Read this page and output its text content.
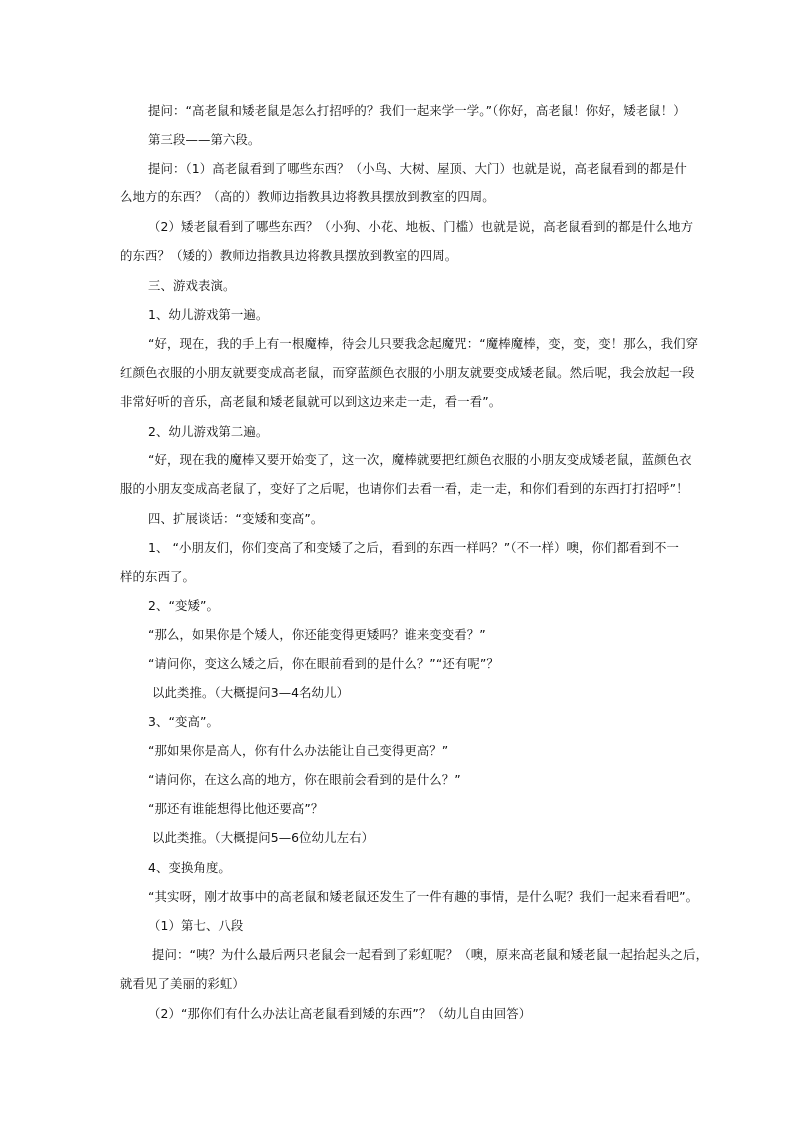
提问：“高老鼠和矮老鼠是怎么打招呼的？我们一起来学一学。”（你好，高老鼠！你好，矮老鼠！）
第三段——第六段。
提问：（1）高老鼠看到了哪些东西？（小鸟、大树、屋顶、大门）也就是说，高老鼠看到的都是什
么地方的东西？（高的）教师边指教具边将教具摆放到教室的四周。
（2）矮老鼠看到了哪些东西？（小狗、小花、地板、门槛）也就是说，高老鼠看到的都是什么地方
的东西？（矮的）教师边指教具边将教具摆放到教室的四周。
三、游戏表演。
1、幼儿游戏第一遍。
“好，现在，我的手上有一根魔棒，待会儿只要我念起魔咒：“魔棒魔棒，变，变，变！那么，我们穿
红颜色衣服的小朋友就要变成高老鼠，而穿蓝颜色衣服的小朋友就要变成矮老鼠。然后呢，我会放起一段
非常好听的音乐，高老鼠和矮老鼠就可以到这边来走一走，看一看”。
2、幼儿游戏第二遍。
“好，现在我的魔棒又要开始变了，这一次，魔棒就要把红颜色衣服的小朋友变成矮老鼠，蓝颜色衣
服的小朋友变成高老鼠了，变好了之后呢，也请你们去看一看，走一走，和你们看到的东西打打招呼”！
四、扩展谈话：“变矮和变高”。
1、 “小朋友们，你们变高了和变矮了之后，看到的东西一样吗？”（不一样）噢，你们都看到不一
样的东西了。
2、“变矮”。
“那么，如果你是个矮人，你还能变得更矮吗？谁来变变看？”
“请问你，变这么矮之后，你在眼前看到的是什么？”“还有呢”？
以此类推。（大概提问3—4名幼儿）
3、“变高”。
“那如果你是高人，你有什么办法能让自己变得更高？”
“请问你，在这么高的地方，你在眼前会看到的是什么？”
“那还有谁能想得比他还要高”？
以此类推。（大概提问5—6位幼儿左右）
4、变换角度。
“其实呀，刚才故事中的高老鼠和矮老鼠还发生了一件有趣的事情，是什么呢？我们一起来看看吧”。
（1）第七、八段
提问：“咦？为什么最后两只老鼠会一起看到了彩虹呢？（噢，原来高老鼠和矮老鼠一起抬起头之后，
就看见了美丽的彩虹）
（2）“那你们有什么办法让高老鼠看到矮的东西”？（幼儿自由回答）
